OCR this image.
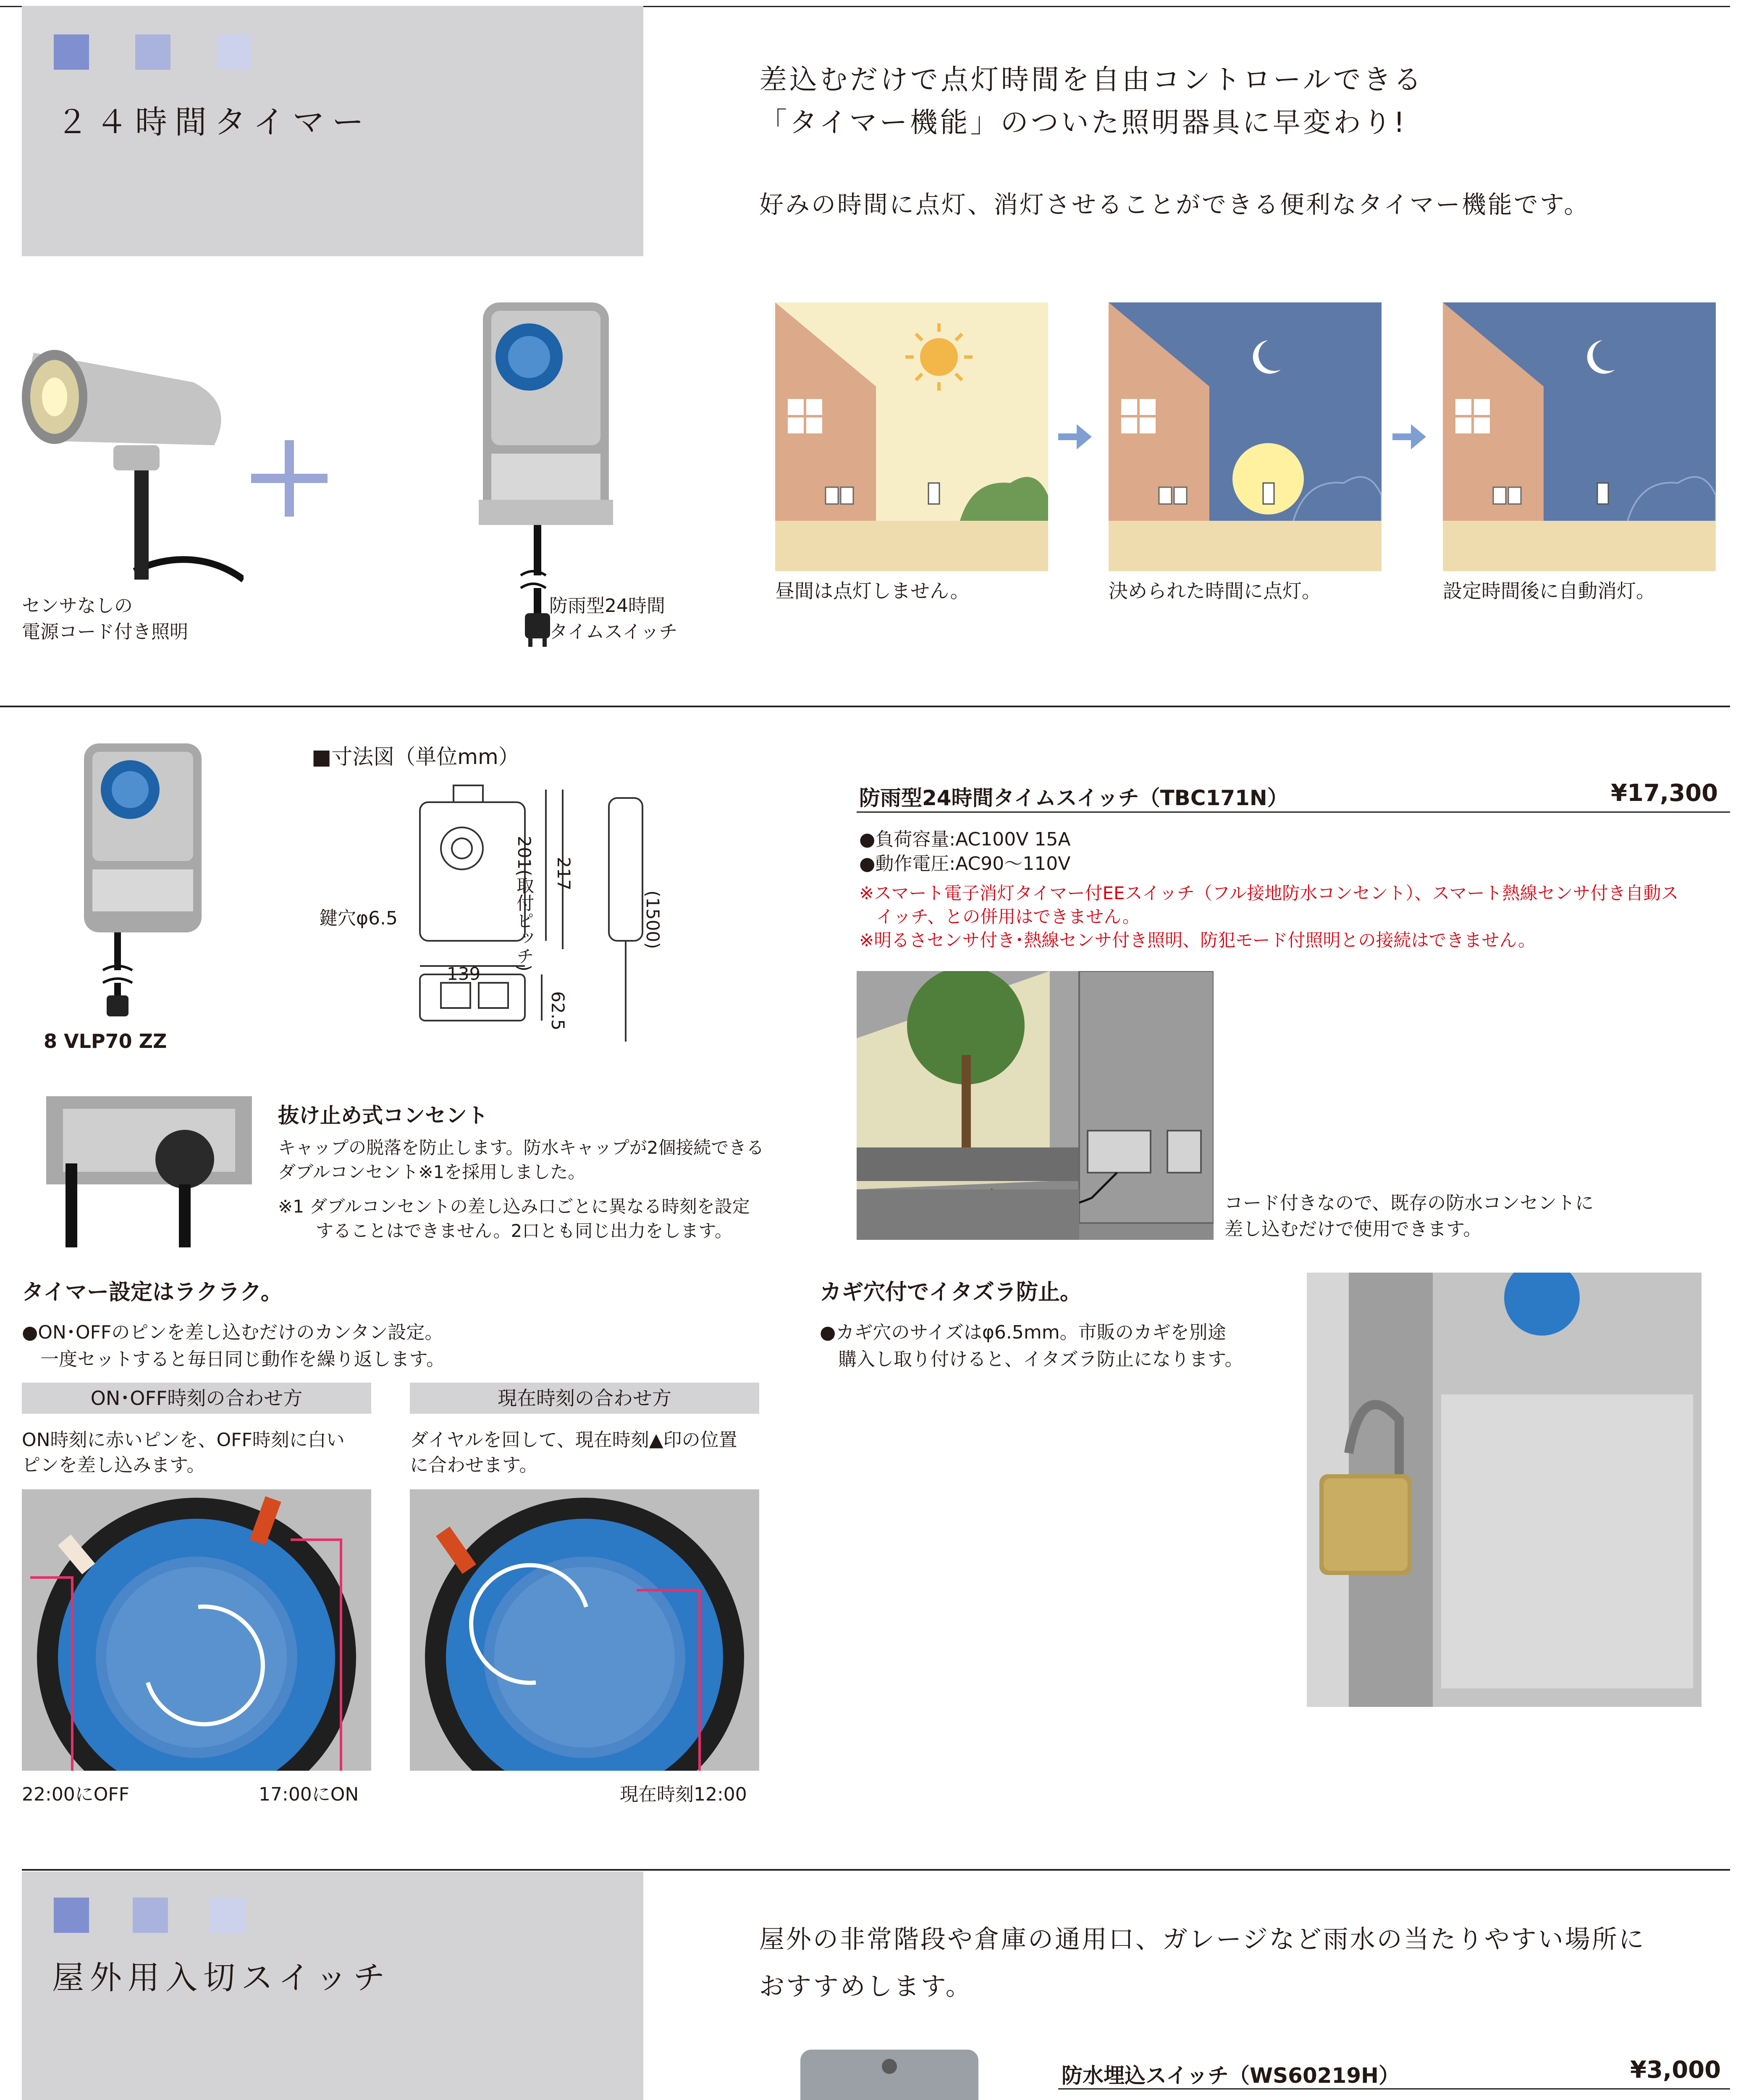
２４時間タイマー
差込むだけで点灯時間を自由コントロールできる
「タイマー機能」のついた照明器具に早変わり!
好みの時間に点灯、消灯させることができる便利なタイマー機能です。
センサなしの
電源コード付き照明
防雨型24時間
タイムスイッチ
昼間は点灯しません。	決められた時間に点灯。	設定時間後に自動消灯。
8 VLP70 ZZ
■寸法図（単位mm）
鍵穴φ6.5	201(取付ピッチ) 217
(1500)
139
62.5
防雨型24時間タイムスイッチ（TBC171N）	¥17,300
●負荷容量:AC100V 15A
●動作電圧:AC90～110V
※スマート電子消灯タイマー付EEスイッチ（フル接地防水コンセント）、スマート熱線センサ付き自動ス
イッチ、との併用はできません。
※明るさセンサ付き･熱線センサ付き照明、防犯モード付照明との接続はできません。
コード付きなので、既存の防水コンセントに
差し込むだけで使用できます。
抜け止め式コンセント
キャップの脱落を防止します。防水キャップが2個接続できる
ダブルコンセント※1を採用しました。
※1 ダブルコンセントの差し込み口ごとに異なる時刻を設定
することはできません。2口とも同じ出力をします。
タイマー設定はラクラク。
●ON･OFFのピンを差し込むだけのカンタン設定。
一度セットすると毎日同じ動作を繰り返します。
ON･OFF時刻の合わせ方	現在時刻の合わせ方
ON時刻に赤いピンを、OFF時刻に白い
ピンを差し込みます。
ダイヤルを回して、現在時刻▲印の位置
に合わせます。
22:00にOFF	17:00にON	現在時刻12:00
カギ穴付でイタズラ防止。
●カギ穴のサイズはφ6.5mm。市販のカギを別途
購入し取り付けると、イタズラ防止になります。
屋外用入切スイッチ
屋外の非常階段や倉庫の通用口、ガレージなど雨水の当たりやすい場所に
おすすめします。
防水埋込スイッチ（WS60219H）	¥3,000
